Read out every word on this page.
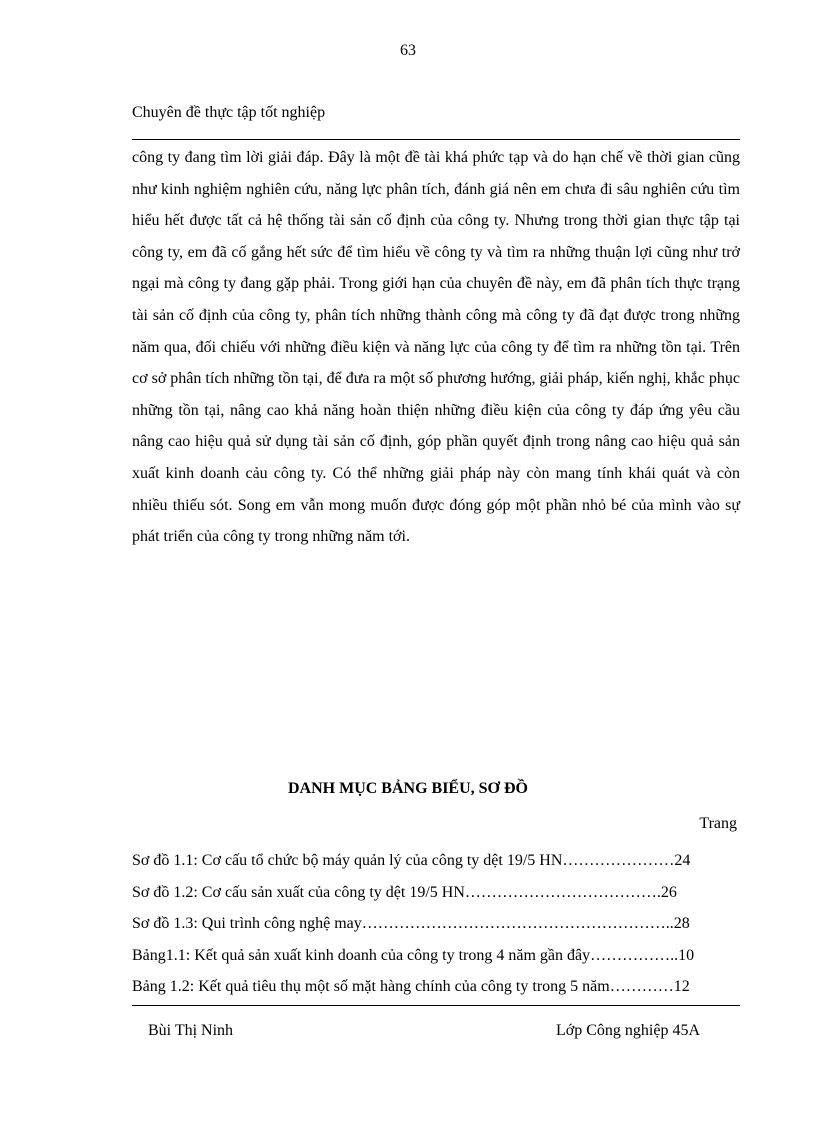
63
Chuyên đề thực tập tốt nghiệp

công ty đang tìm lời giải đáp. Đây là một đề tài khá phức tạp và do hạn chế về thời gian cũng như kinh nghiệm nghiên cứu, năng lực phân tích, đánh giá nên em chưa đi sâu nghiên cứu tìm hiểu hết được tất cả hệ thống tài sản cố định của công ty. Nhưng trong thời gian thực tập tại công ty, em đã cố gắng hết sức để tìm hiểu về công ty và tìm ra những thuận lợi cũng như trở ngại mà công ty đang gặp phải. Trong giới hạn của chuyên đề này, em đã phân tích thực trạng tài sản cố định của công ty, phân tích những thành công mà công ty đã đạt được trong những năm qua, đối chiếu với những điều kiện và năng lực của công ty để tìm ra những tồn tại. Trên cơ sở phân tích những tồn tại, để đưa ra một số phương hướng, giải pháp, kiến nghị, khắc phục những tồn tại, nâng cao khả năng hoàn thiện những điều kiện của công ty đáp ứng yêu cầu nâng cao hiệu quả sử dụng tài sản cố định, góp phần quyết định trong nâng cao hiệu quả sản xuất kinh doanh cảu công ty. Có thể những giải pháp này còn mang tính khái quát và còn nhiều thiếu sót. Song em vẫn mong muốn được đóng góp một phần nhỏ bé của mình vào sự phát triển của công ty trong những năm tới.

DANH MỤC BẢNG BIỂU, SƠ ĐỒ
Trang
Sơ đồ 1.1: Cơ cấu tổ chức bộ máy quản lý của công ty dệt 19/5 HN…………………24
Sơ đồ 1.2: Cơ cấu sản xuất của công ty dệt 19/5 HN……………………………….26
Sơ đồ 1.3: Qui trình công nghệ may…………………………………………………..28
Bảng1.1: Kết quả sản xuất kinh doanh của công ty trong 4 năm gần đây……………..10
Bảng 1.2: Kết quả tiêu thụ một số mặt hàng chính của công ty trong 5 năm…………12
Bùi Thị Ninh	Lớp Công nghiệp 45A
